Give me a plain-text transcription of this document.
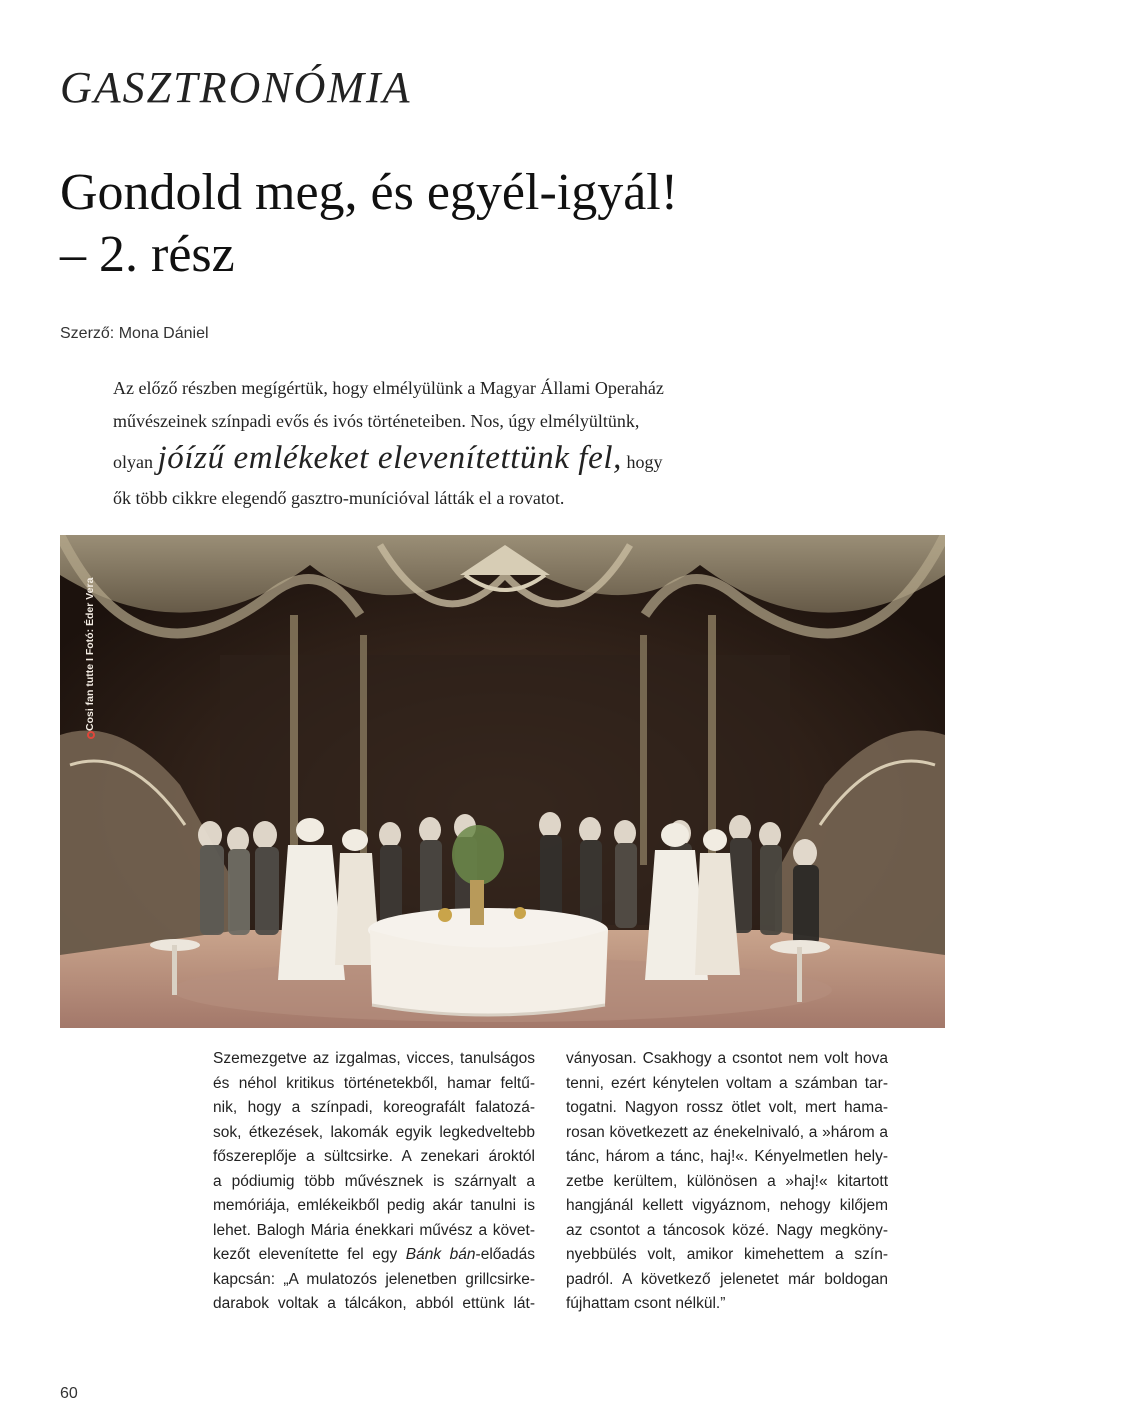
GASZTRONÓMIA
Gondold meg, és egyél-igyál!
– 2. rész
Szerző: Mona Dániel
Az előző részben megígértük, hogy elmélyülünk a Magyar Állami Operaház
művészeinek színpadi evős és ivós történeteiben. Nos, úgy elmélyültünk,
olyan jóízű emlékeket elevenítettünk fel, hogy
ők több cikkre elegendő gasztro-munícióval látták el a rovatot.
Cosi fan tutte I Fotó: Éder Vera
Szemezgetve az izgalmas, vicces, tanulságos
és néhol kritikus történetekből, hamar feltű-
nik, hogy a színpadi, koreografált falatozá-
sok, étkezések, lakomák egyik legkedveltebb
főszereplője a sültcsirke. A zenekari ároktól
a pódiumig több művésznek is szárnyalt a
memóriája, emlékeikből pedig akár tanulni is
lehet. Balogh Mária énekkari művész a követ-
kezőt elevenítette fel egy Bánk bán-előadás
kapcsán: „A mulatozós jelenetben grillcsirke-
darabok voltak a tálcákon, abból ettünk lát-
ványosan. Csakhogy a csontot nem volt hova
tenni, ezért kénytelen voltam a számban tar-
togatni. Nagyon rossz ötlet volt, mert hama-
rosan következett az énekelnivaló, a »három a
tánc, három a tánc, haj!«. Kényelmetlen hely-
zetbe kerültem, különösen a »haj!« kitartott
hangjánál kellett vigyáznom, nehogy kilőjem
az csontot a táncosok közé. Nagy megköny-
nyebbülés volt, amikor kimehettem a szín-
padról. A következő jelenetet már boldogan
fújhattam csont nélkül.”
60
